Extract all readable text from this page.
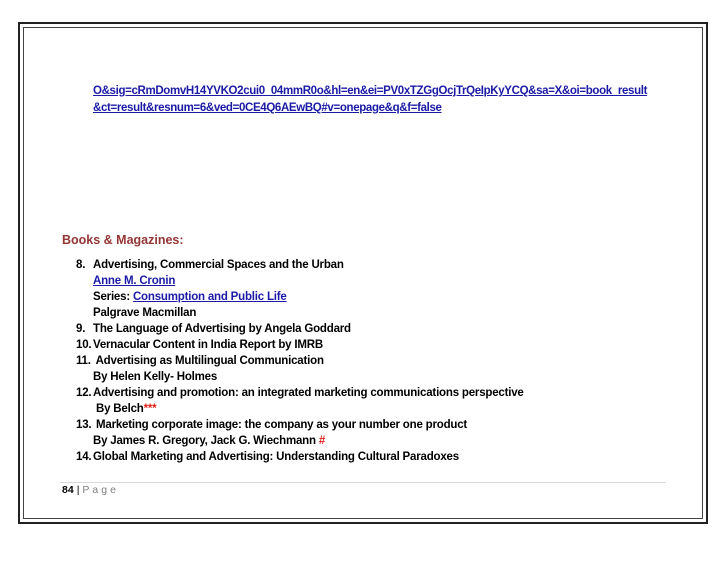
O&sig=cRmDomvH14YVKO2cui0_04mmR0o&hl=en&ei=PV0xTZGgOcjTrQeIpKyYCQ&sa=X&oi=book_result
&ct=result&resnum=6&ved=0CE4Q6AEwBQ#v=onepage&q&f=false
Books & Magazines:
8. Advertising, Commercial Spaces and the Urban
Anne M. Cronin
Series: Consumption and Public Life
Palgrave Macmillan
9. The Language of Advertising by Angela Goddard
10. Vernacular Content in India Report by IMRB
11. Advertising as Multilingual Communication
By Helen Kelly- Holmes
12. Advertising and promotion: an integrated marketing communications perspective
By Belch***
13. Marketing corporate image: the company as your number one product
By James R. Gregory, Jack G. Wiechmann #
14. Global Marketing and Advertising: Understanding Cultural Paradoxes
84 | Page
